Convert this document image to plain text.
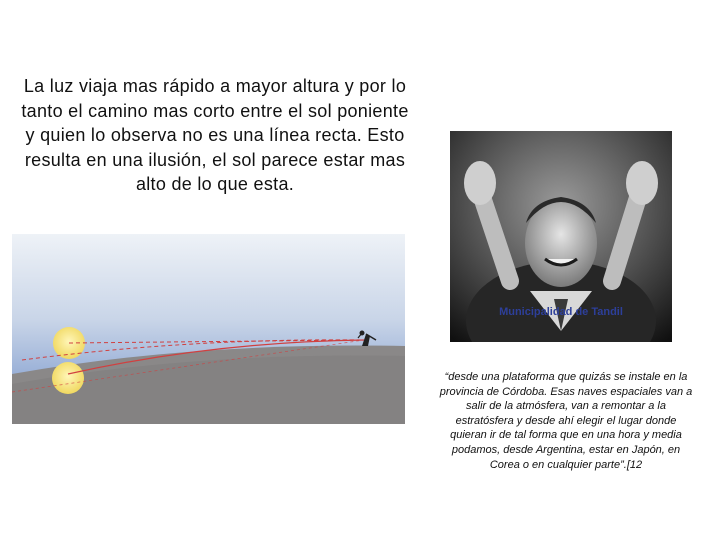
La luz viaja mas rápido a mayor altura y por lo tanto el camino mas corto entre el sol poniente y quien lo observa no es una línea recta. Esto resulta en una ilusión, el sol parece estar mas alto de lo que esta.
Municipalidad de Tandil
“desde una plataforma que quizás se instale en la provincia de Córdoba. Esas naves espaciales van a salir de la atmósfera, van a remontar a la estratósfera y desde ahí elegir el lugar donde quieran ir de tal forma que en una hora y media podamos, desde Argentina, estar en Japón, en Corea o en cualquier parte”.[12
